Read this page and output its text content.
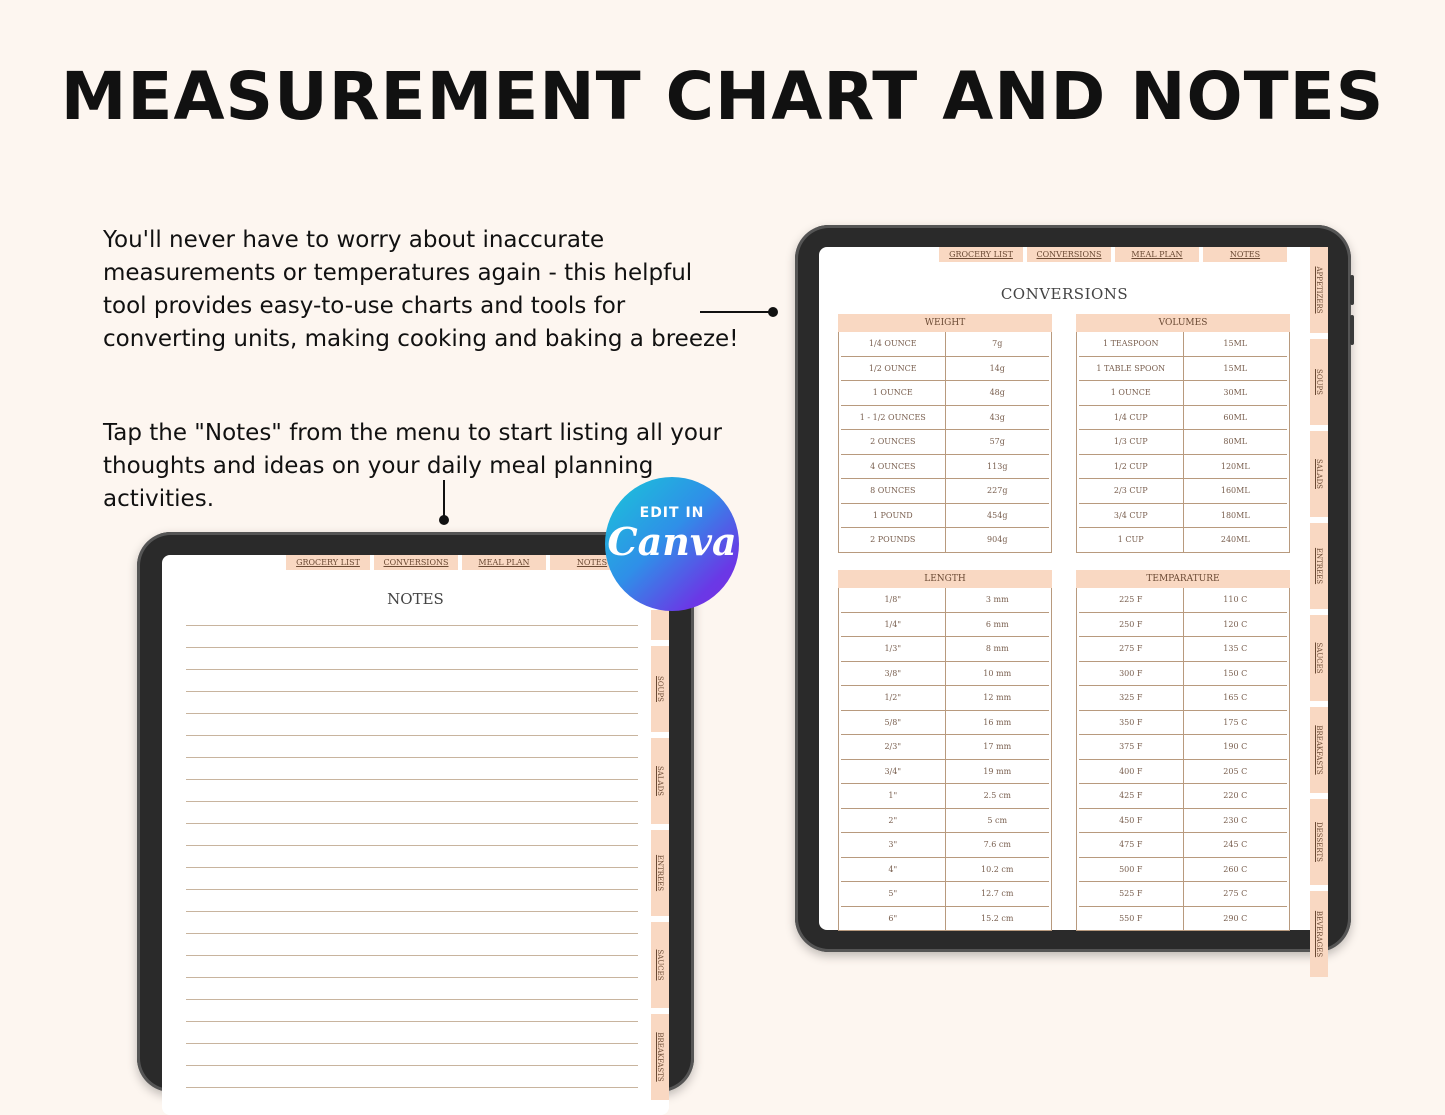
MEASUREMENT CHART AND NOTES
You'll never have to worry about inaccurate measurements or temperatures again - this helpful tool provides easy-to-use charts and tools for converting units, making cooking and baking a breeze!
Tap the "Notes" from the menu to start listing all your thoughts and ideas on your daily meal planning activities.
GROCERY LIST	CONVERSIONS	MEAL PLAN	NOTES
APPETIZERS
SOUPS
SALADS
ENTREES
SAUCES
BREAKFASTS
DESSERTS
BEVERAGES
CONVERSIONS
WEIGHT
1/4 OUNCE	7g
1/2 OUNCE	14g
1 OUNCE	48g
1 - 1/2 OUNCES	43g
2 OUNCES	57g
4 OUNCES	113g
8 OUNCES	227g
1 POUND	454g
2 POUNDS	904g
VOLUMES
1 TEASPOON	15ML
1 TABLE SPOON	15ML
1 OUNCE	30ML
1/4 CUP	60ML
1/3 CUP	80ML
1/2 CUP	120ML
2/3 CUP	160ML
3/4 CUP	180ML
1 CUP	240ML
LENGTH
1/8"	3 mm
1/4"	6 mm
1/3"	8 mm
3/8"	10 mm
1/2"	12 mm
5/8"	16 mm
2/3"	17 mm
3/4"	19 mm
1"	2.5 cm
2"	5 cm
3"	7.6 cm
4"	10.2 cm
5"	12.7 cm
6"	15.2 cm
TEMPARATURE
225 F	110 C
250 F	120 C
275 F	135 C
300 F	150 C
325 F	165 C
350 F	175 C
375 F	190 C
400 F	205 C
425 F	220 C
450 F	230 C
475 F	245 C
500 F	260 C
525 F	275 C
550 F	290 C
GROCERY LIST	CONVERSIONS	MEAL PLAN	NOTES
SOUPS
SALADS
ENTREES
SAUCES
BREAKFASTS
NOTES
EDIT IN
Canva
